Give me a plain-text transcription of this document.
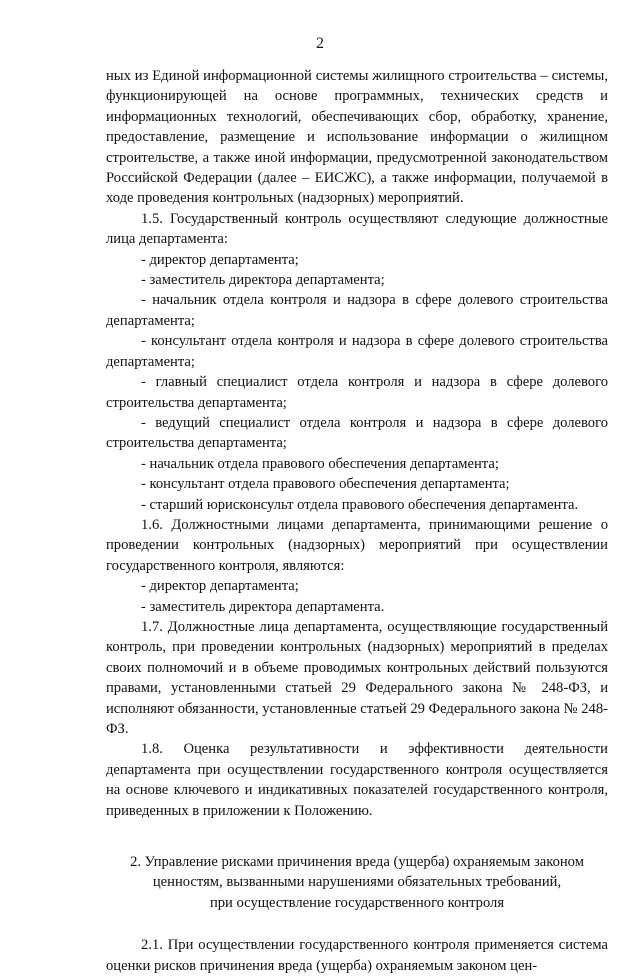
2

ных из Единой информационной системы жилищного строительства – системы, функционирующей на основе программных, технических средств и информационных технологий, обеспечивающих сбор, обработку, хранение, предоставление, размещение и использование информации о жилищном строительстве, а также иной информации, предусмотренной законодательством Российской Федерации (далее – ЕИСЖС), а также информации, получаемой в ходе проведения контрольных (надзорных) мероприятий.

1.5. Государственный контроль осуществляют следующие должностные лица департамента:

- директор департамента;

- заместитель директора департамента;

- начальник отдела контроля и надзора в сфере долевого строительства департамента;

- консультант отдела контроля и надзора в сфере долевого строительства департамента;

- главный специалист отдела контроля и надзора в сфере долевого строительства департамента;

- ведущий специалист отдела контроля и надзора в сфере долевого строительства департамента;

- начальник отдела правового обеспечения департамента;

- консультант отдела правового обеспечения департамента;

- старший юрисконсульт отдела правового обеспечения департамента.

1.6. Должностными лицами департамента, принимающими решение о проведении контрольных (надзорных) мероприятий при осуществлении государственного контроля, являются:

- директор департамента;

- заместитель директора департамента.

1.7. Должностные лица департамента, осуществляющие государственный контроль, при проведении контрольных (надзорных) мероприятий в пределах своих полномочий и в объеме проводимых контрольных действий пользуются правами, установленными статьей 29 Федерального закона № 248-ФЗ, и исполняют обязанности, установленные статьей 29 Федерального закона № 248-ФЗ.

1.8. Оценка результативности и эффективности деятельности департамента при осуществлении государственного контроля осуществляется на основе ключевого и индикативных показателей государственного контроля, приведенных в приложении к Положению.

2. Управление рисками причинения вреда (ущерба) охраняемым законом
ценностям, вызванными нарушениями обязательных требований,
при осуществление государственного контроля

2.1. При осуществлении государственного контроля применяется система оценки рисков причинения вреда (ущерба) охраняемым законом цен-
